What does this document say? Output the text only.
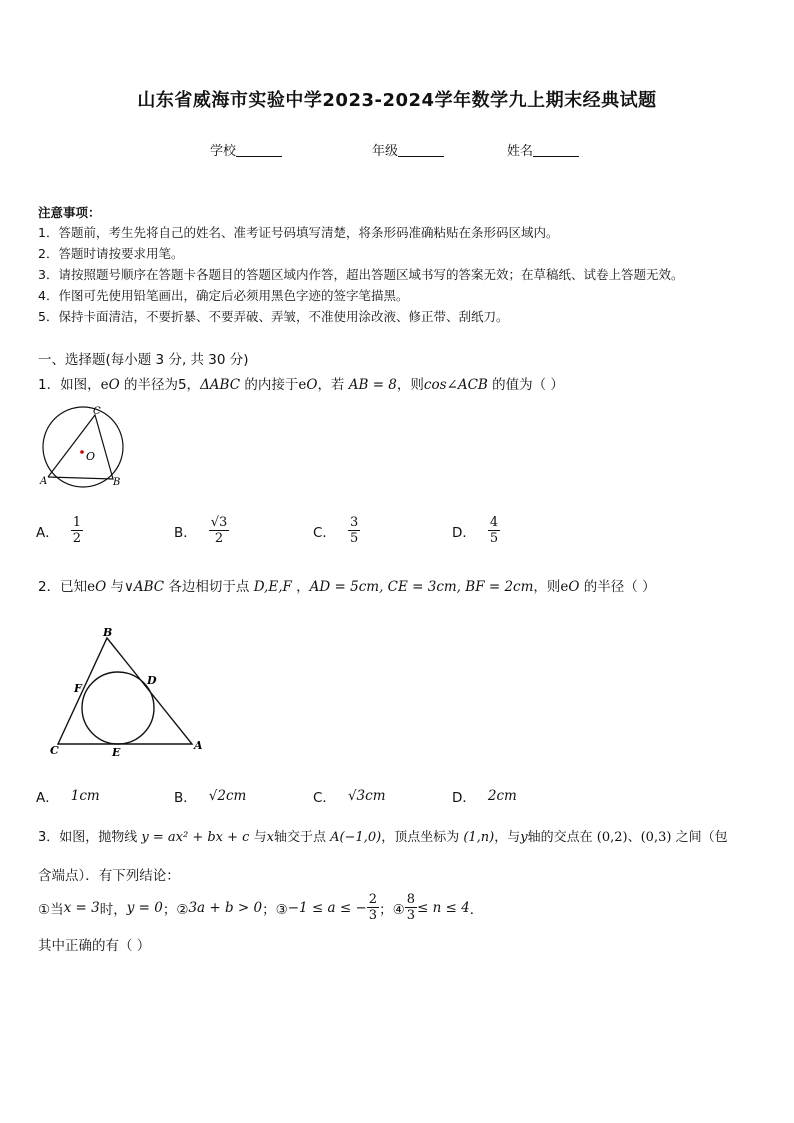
山东省威海市实验中学2023-2024学年数学九上期末经典试题
学校	年级	姓名
注意事项：
1．答题前，考生先将自己的姓名、准考证号码填写清楚，将条形码准确粘贴在条形码区域内。
2．答题时请按要求用笔。
3．请按照题号顺序在答题卡各题目的答题区域内作答，超出答题区域书写的答案无效；在草稿纸、试卷上答题无效。
4．作图可先使用铅笔画出，确定后必须用黑色字迹的签字笔描黑。
5．保持卡面清洁，不要折暴、不要弄破、弄皱，不准使用涂改液、修正带、刮纸刀。
一、选择题(每小题 3 分, 共 30 分)
1．如图，eO 的半径为5，ΔABC 的内接于eO，若 AB = 8，则cos∠ACB 的值为（ ）
O
C
A	B
A． $\frac{1}{2}$	B． $\frac{√3}{2}$	C． $\frac{3}{5}$	D． $\frac{4}{5}$
2．已知eO 与∨ABC 各边相切于点 D,E,F ，AD = 5cm, CE = 3cm, BF = 2cm，则eO 的半径（ ）
B
D
F
A
C	E
A． 1cm	B． √2cm	C． √3cm	D． 2cm
3．如图，抛物线 y = ax² + bx + c 与x轴交于点 A(−1,0)，顶点坐标为 (1,n)，与y轴的交点在 (0,2)、(0,3) 之间（包
含端点）．有下列结论：
①当 x = 3 时， y = 0 ；② 3a + b > 0 ；③ −1 ≤ a ≤ − $\frac{2}{3}$ ；④ $\frac{8}{3} \le n \le 4$ ．
其中正确的有（ ）
